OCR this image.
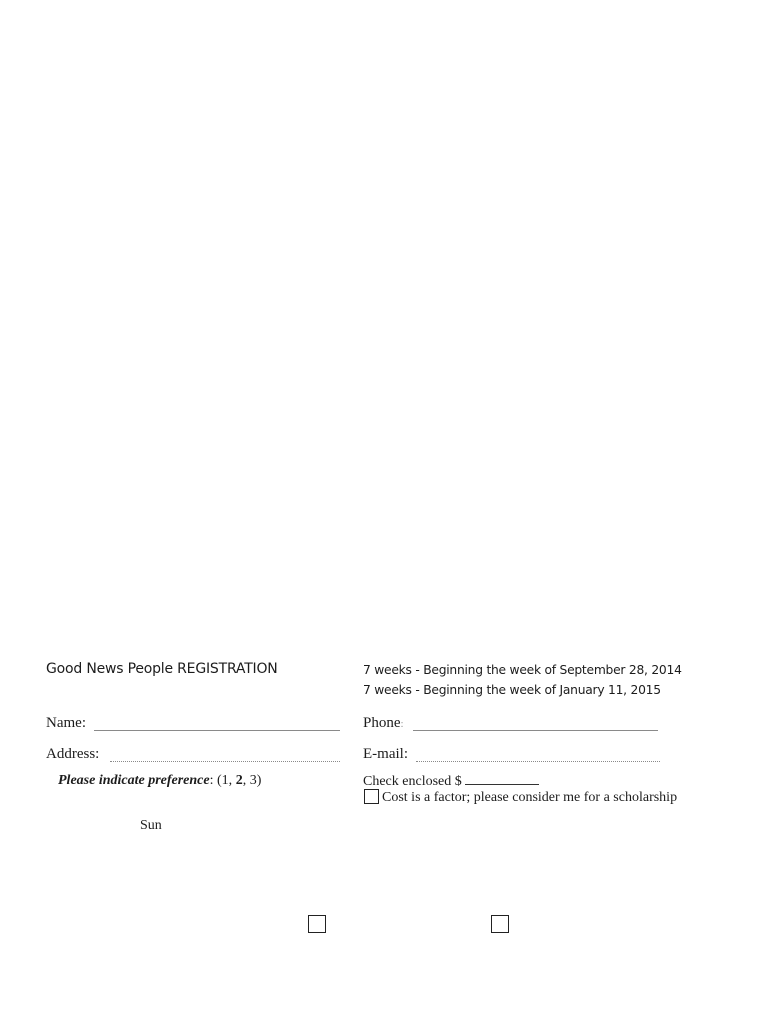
Good News People REGISTRATION	7 weeks - Beginning the week of September 28, 2014
7 weeks - Beginning the week of January 11, 2015
Name:
Address:
Phone:
E-mail:
Please indicate preference: (1, 2, 3)	Check enclosed $
Cost is a factor; please consider me for a scholarship
Sun
